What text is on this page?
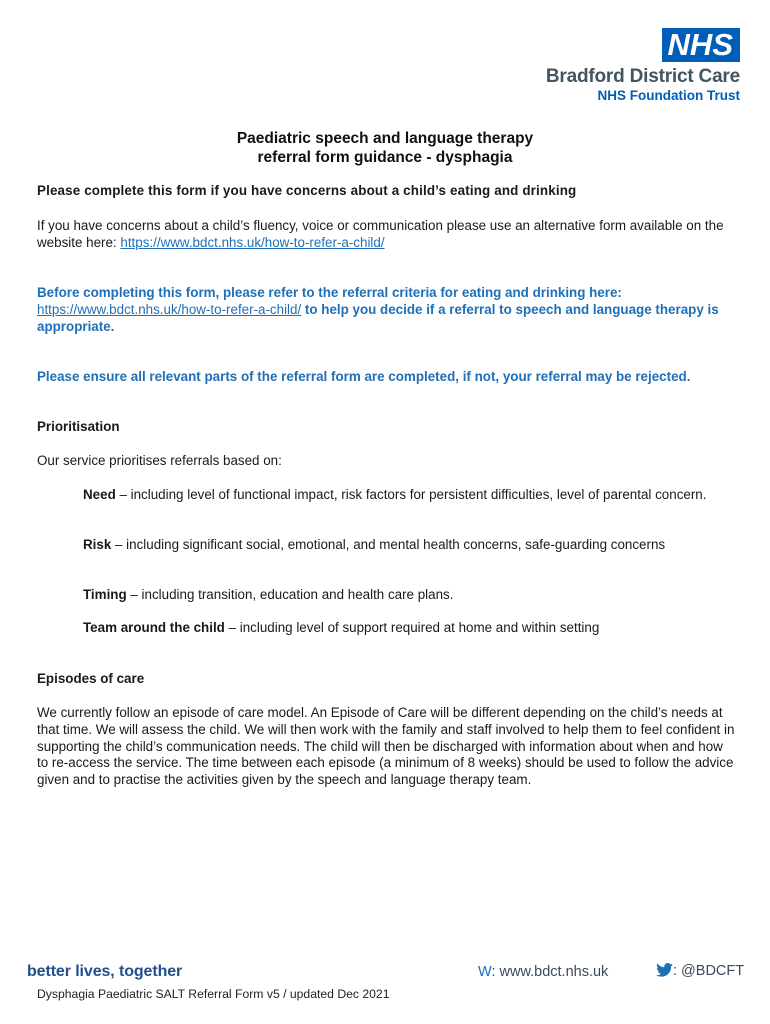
NHS
Bradford District Care
NHS Foundation Trust
Paediatric speech and language therapy
referral form guidance - dysphagia
Please complete this form if you have concerns about a child’s eating and drinking
If you have concerns about a child’s fluency, voice or communication please use an alternative form available on the website here: https://www.bdct.nhs.uk/how-to-refer-a-child/
Before completing this form, please refer to the referral criteria for eating and drinking here: https://www.bdct.nhs.uk/how-to-refer-a-child/ to help you decide if a referral to speech and language therapy is appropriate.
Please ensure all relevant parts of the referral form are completed, if not, your referral may be rejected.
Prioritisation
Our service prioritises referrals based on:
Need – including level of functional impact, risk factors for persistent difficulties, level of parental concern.
Risk – including significant social, emotional, and mental health concerns, safe-guarding concerns
Timing – including transition, education and health care plans.
Team around the child – including level of support required at home and within setting
Episodes of care
We currently follow an episode of care model. An Episode of Care will be different depending on the child’s needs at that time. We will assess the child. We will then work with the family and staff involved to help them to feel confident in supporting the child’s communication needs. The child will then be discharged with information about when and how to re-access the service. The time between each episode (a minimum of 8 weeks) should be used to follow the advice given and to practise the activities given by the speech and language therapy team.
better lives, together	W: www.bdct.nhs.uk	: @BDCFT
Dysphagia Paediatric SALT Referral Form v5 / updated Dec 2021
